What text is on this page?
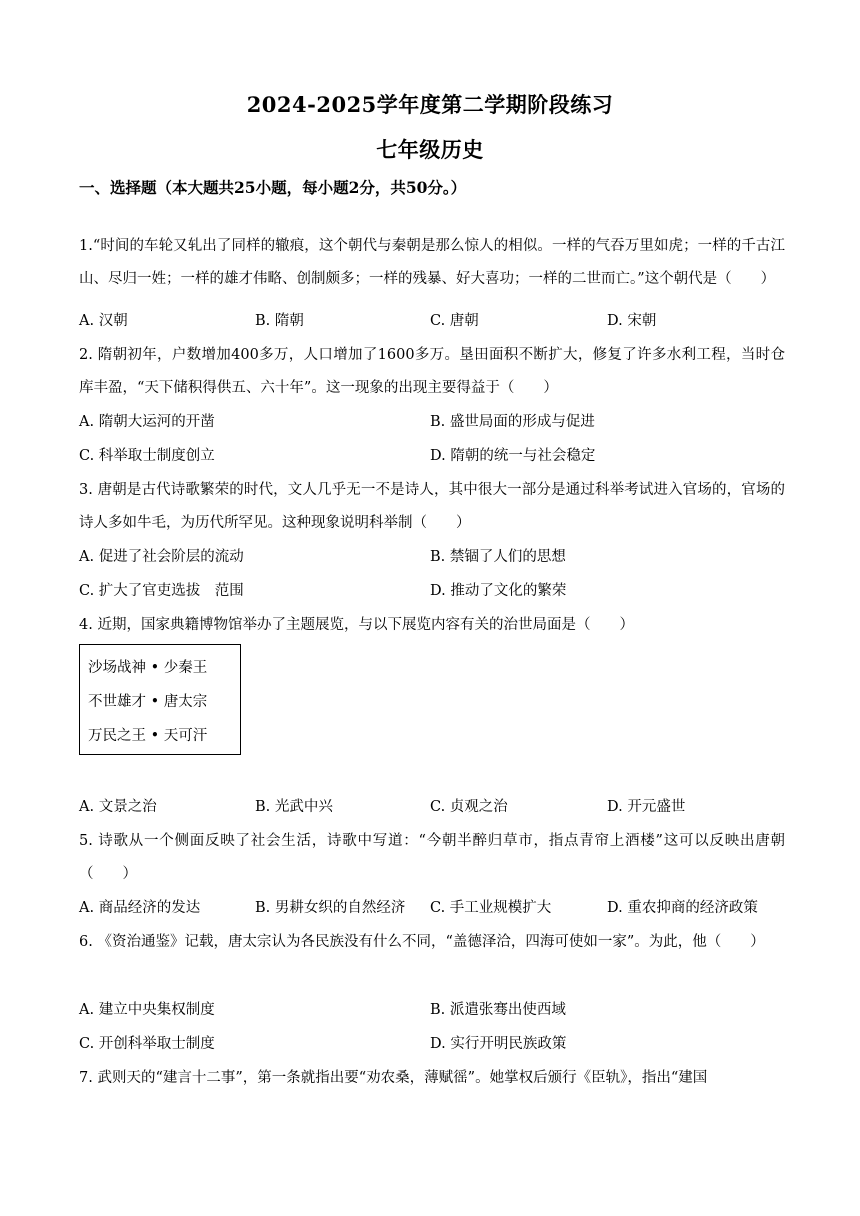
2024-2025学年度第二学期阶段练习
七年级历史
一、选择题（本大题共25小题，每小题2分，共50分。）
1.“时间的车轮又轧出了同样的辙痕，这个朝代与秦朝是那么惊人的相似。一样的气吞万里如虎；一样的千古江山、尽归一姓；一样的雄才伟略、创制颇多；一样的残暴、好大喜功；一样的二世而亡。”这个朝代是（　　）
A. 汉朝	B. 隋朝	C. 唐朝	D. 宋朝
2. 隋朝初年，户数增加400多万，人口增加了1600多万。垦田面积不断扩大，修复了许多水利工程，当时仓库丰盈，“天下储积得供五、六十年”。这一现象的出现主要得益于（　　）
A. 隋朝大运河的开凿	B. 盛世局面的形成与促进
C. 科举取士制度创立	D. 隋朝的统一与社会稳定
3. 唐朝是古代诗歌繁荣的时代，文人几乎无一不是诗人，其中很大一部分是通过科举考试进入官场的，官场的诗人多如牛毛，为历代所罕见。这种现象说明科举制（　　）
A. 促进了社会阶层的流动	B. 禁锢了人们的思想
C. 扩大了官吏选拔　范围	D. 推动了文化的繁荣
4. 近期，国家典籍博物馆举办了主题展览，与以下展览内容有关的治世局面是（　　）
沙场战神 • 少秦王
不世雄才 • 唐太宗
万民之王 • 天可汗
A. 文景之治	B. 光武中兴	C. 贞观之治	D. 开元盛世
5. 诗歌从一个侧面反映了社会生活，诗歌中写道：“今朝半醉归草市，指点青帘上酒楼”这可以反映出唐朝（　　）
A. 商品经济的发达	B. 男耕女织的自然经济 C. 手工业规模扩大	D. 重农抑商的经济政策
6. 《资治通鉴》记载，唐太宗认为各民族没有什么不同，“盖德泽洽，四海可使如一家”。为此，他（　　）
A. 建立中央集权制度	B. 派遣张骞出使西域
C. 开创科举取士制度	D. 实行开明民族政策
7. 武则天的“建言十二事”，第一条就指出要“劝农桑，薄赋徭”。她掌权后颁行《臣轨》，指出“建国
